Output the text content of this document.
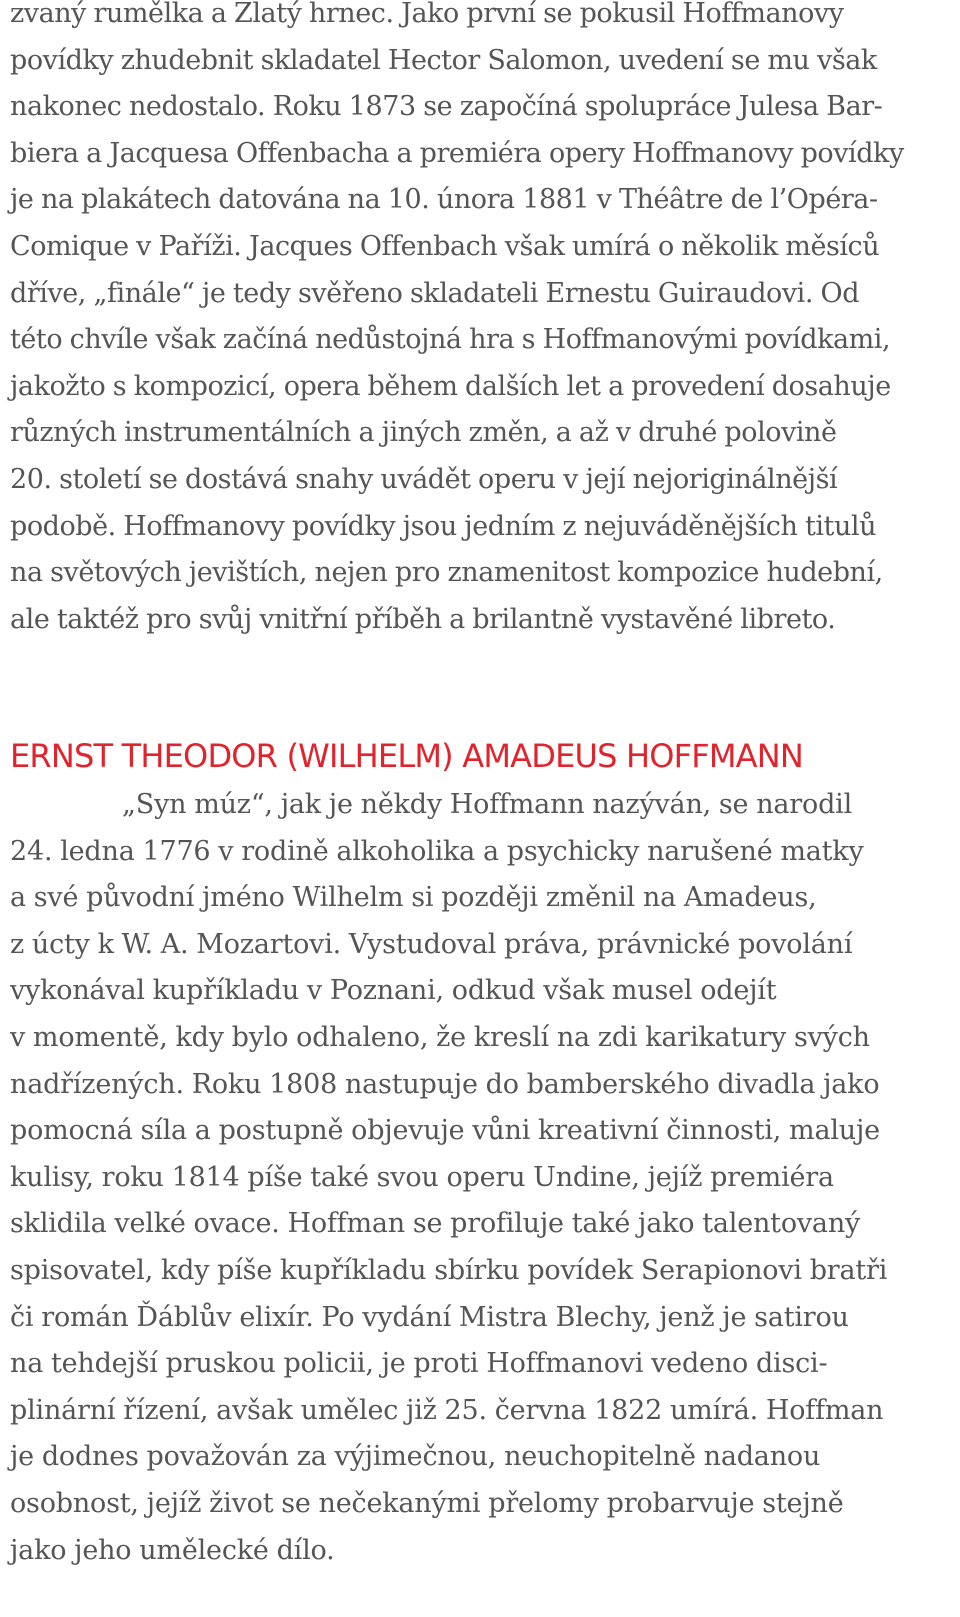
zvaný rumělka a Zlatý hrnec. Jako první se pokusil Hoffmanovy
povídky zhudebnit skladatel Hector Salomon, uvedení se mu však
nakonec nedostalo. Roku 1873 se započíná spolupráce Julesa Bar-
biera a Jacquesa Offenbacha a premiéra opery Hoffmanovy povídky
je na plakátech datována na 10. února 1881 v Théâtre de l’Opéra-
Comique v Paříži. Jacques Offenbach však umírá o několik měsíců
dříve, „finále“ je tedy svěřeno skladateli Ernestu Guiraudovi. Od
této chvíle však začíná nedůstojná hra s Hoffmanovými povídkami,
jakožto s kompozicí, opera během dalších let a provedení dosahuje
různých instrumentálních a jiných změn, a až v druhé polovině
20. století se dostává snahy uvádět operu v její nejoriginálnější
podobě. Hoffmanovy povídky jsou jedním z nejuváděnějších titulů
na světových jevištích, nejen pro znamenitost kompozice hudební,
ale taktéž pro svůj vnitřní příběh a brilantně vystavěné libreto.
ERNST THEODOR (WILHELM) AMADEUS HOFFMANN
„Syn múz“, jak je někdy Hoffmann nazýván, se narodil
24. ledna 1776 v rodině alkoholika a psychicky narušené matky
a své původní jméno Wilhelm si později změnil na Amadeus,
z úcty k W. A. Mozartovi. Vystudoval práva, právnické povolání
vykonával kupříkladu v Poznani, odkud však musel odejít
v momentě, kdy bylo odhaleno, že kreslí na zdi karikatury svých
nadřízených. Roku 1808 nastupuje do bamberského divadla jako
pomocná síla a postupně objevuje vůni kreativní činnosti, maluje
kulisy, roku 1814 píše také svou operu Undine, jejíž premiéra
sklidila velké ovace. Hoffman se profiluje také jako talentovaný
spisovatel, kdy píše kupříkladu sbírku povídek Serapionovi bratři
či román Ďáblův elixír. Po vydání Mistra Blechy, jenž je satirou
na tehdejší pruskou policii, je proti Hoffmanovi vedeno disci-
plinární řízení, avšak umělec již 25. června 1822 umírá. Hoffman
je dodnes považován za výjimečnou, neuchopitelně nadanou
osobnost, jejíž život se nečekanými přelomy probarvuje stejně
jako jeho umělecké dílo.
